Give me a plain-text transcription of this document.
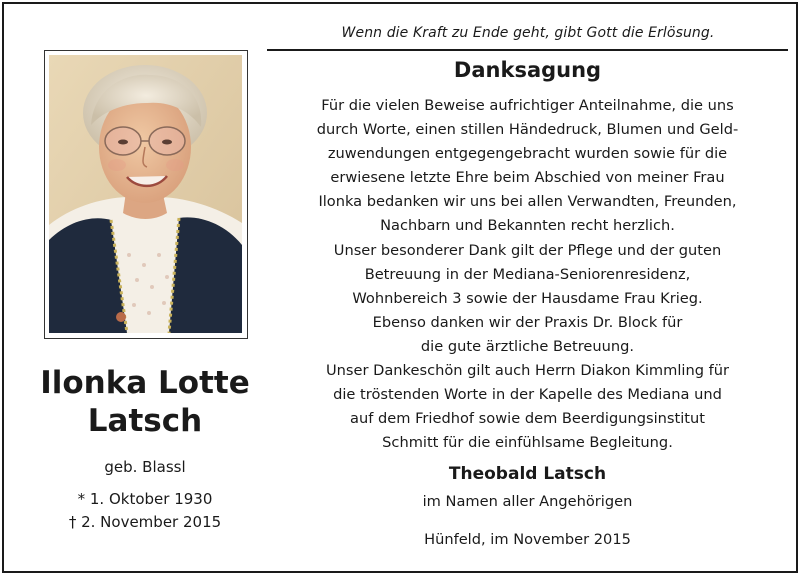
Wenn die Kraft zu Ende geht, gibt Gott die Erlösung.
Ilonka Lotte
Latsch
geb. Blassl
* 1. Oktober 1930
† 2. November 2015
Danksagung
Für die vielen Beweise aufrichtiger Anteilnahme, die uns
durch Worte, einen stillen Händedruck, Blumen und Geld-
zuwendungen entgegengebracht wurden sowie für die
erwiesene letzte Ehre beim Abschied von meiner Frau
Ilonka bedanken wir uns bei allen Verwandten, Freunden,
Nachbarn und Bekannten recht herzlich.
Unser besonderer Dank gilt der Pflege und der guten
Betreuung in der Mediana-Seniorenresidenz,
Wohnbereich 3 sowie der Hausdame Frau Krieg.
Ebenso danken wir der Praxis Dr. Block für
die gute ärztliche Betreuung.
Unser Dankeschön gilt auch Herrn Diakon Kimmling für
die tröstenden Worte in der Kapelle des Mediana und
auf dem Friedhof sowie dem Beerdigungsinstitut
Schmitt für die einfühlsame Begleitung.
Theobald Latsch
im Namen aller Angehörigen
Hünfeld, im November 2015
